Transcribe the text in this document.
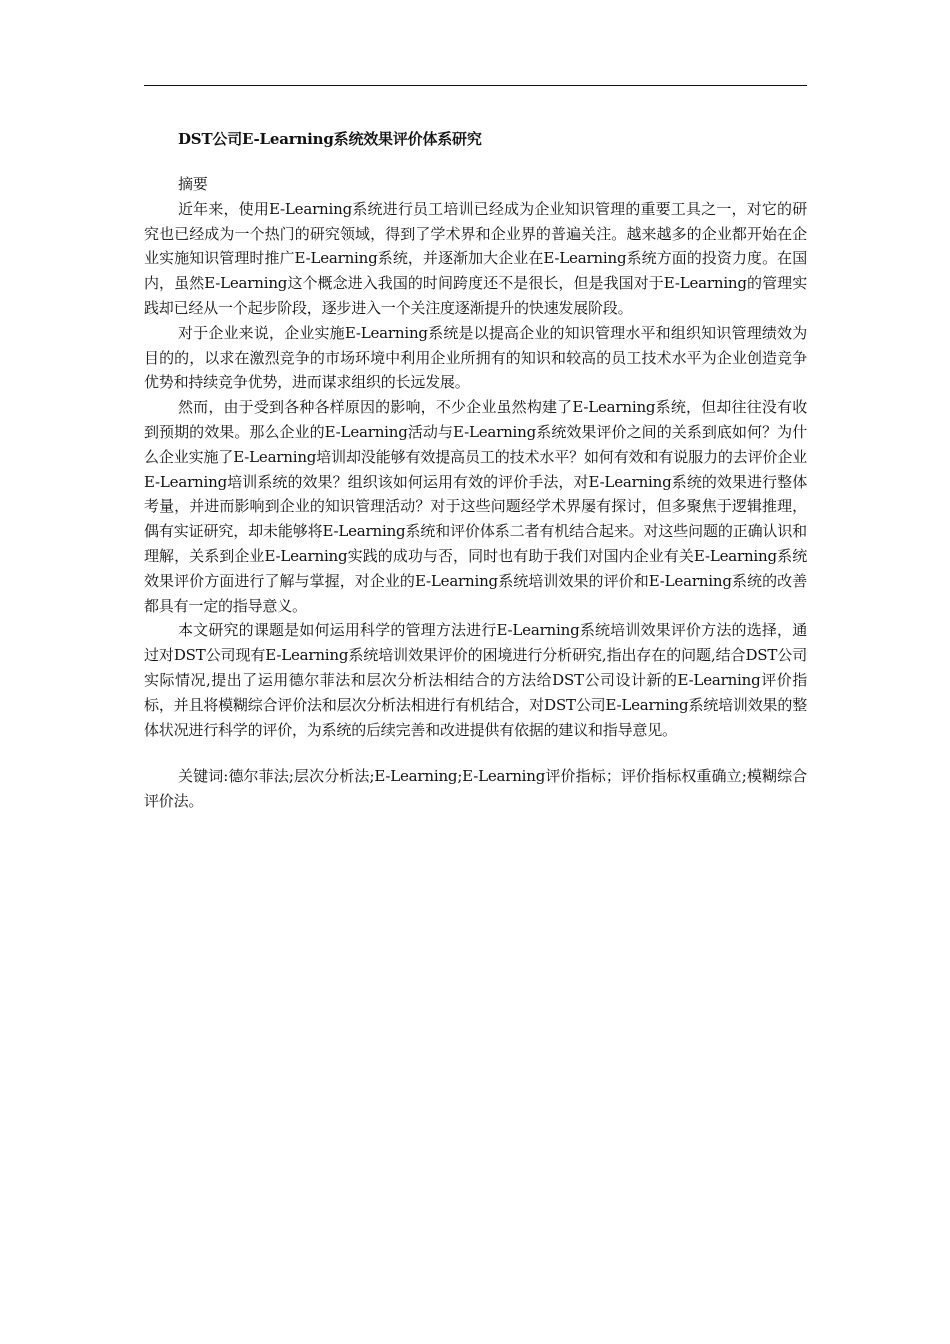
DST公司E-Learning系统效果评价体系研究

摘要

近年来，使用E-Learning系统进行员工培训已经成为企业知识管理的重要工具之一，对它的研究也已经成为一个热门的研究领域，得到了学术界和企业界的普遍关注。越来越多的企业都开始在企业实施知识管理时推广E-Learning系统，并逐渐加大企业在E-Learning系统方面的投资力度。在国内，虽然E-Learning这个概念进入我国的时间跨度还不是很长，但是我国对于E-Learning的管理实践却已经从一个起步阶段，逐步进入一个关注度逐渐提升的快速发展阶段。

对于企业来说，企业实施E-Learning系统是以提高企业的知识管理水平和组织知识管理绩效为目的的，以求在激烈竞争的市场环境中利用企业所拥有的知识和较高的员工技术水平为企业创造竞争优势和持续竞争优势，进而谋求组织的长远发展。

然而，由于受到各种各样原因的影响，不少企业虽然构建了E-Learning系统，但却往往没有收到预期的效果。那么企业的E-Learning活动与E-Learning系统效果评价之间的关系到底如何？为什么企业实施了E-Learning培训却没能够有效提高员工的技术水平？如何有效和有说服力的去评价企业E-Learning培训系统的效果？组织该如何运用有效的评价手法，对E-Learning系统的效果进行整体考量，并进而影响到企业的知识管理活动？对于这些问题经学术界屡有探讨，但多聚焦于逻辑推理，偶有实证研究，却未能够将E-Learning系统和评价体系二者有机结合起来。对这些问题的正确认识和理解，关系到企业E-Learning实践的成功与否，同时也有助于我们对国内企业有关E-Learning系统效果评价方面进行了解与掌握，对企业的E-Learning系统培训效果的评价和E-Learning系统的改善都具有一定的指导意义。

本文研究的课题是如何运用科学的管理方法进行E-Learning系统培训效果评价方法的选择，通过对DST公司现有E-Learning系统培训效果评价的困境进行分析研究,指出存在的问题,结合DST公司实际情况,提出了运用德尔菲法和层次分析法相结合的方法给DST公司设计新的E-Learning评价指标，并且将模糊综合评价法和层次分析法相进行有机结合，对DST公司E-Learning系统培训效果的整体状况进行科学的评价，为系统的后续完善和改进提供有依据的建议和指导意见。

关键词:德尔菲法;层次分析法;E-Learning;E-Learning评价指标；评价指标权重确立;模糊综合评价法。
